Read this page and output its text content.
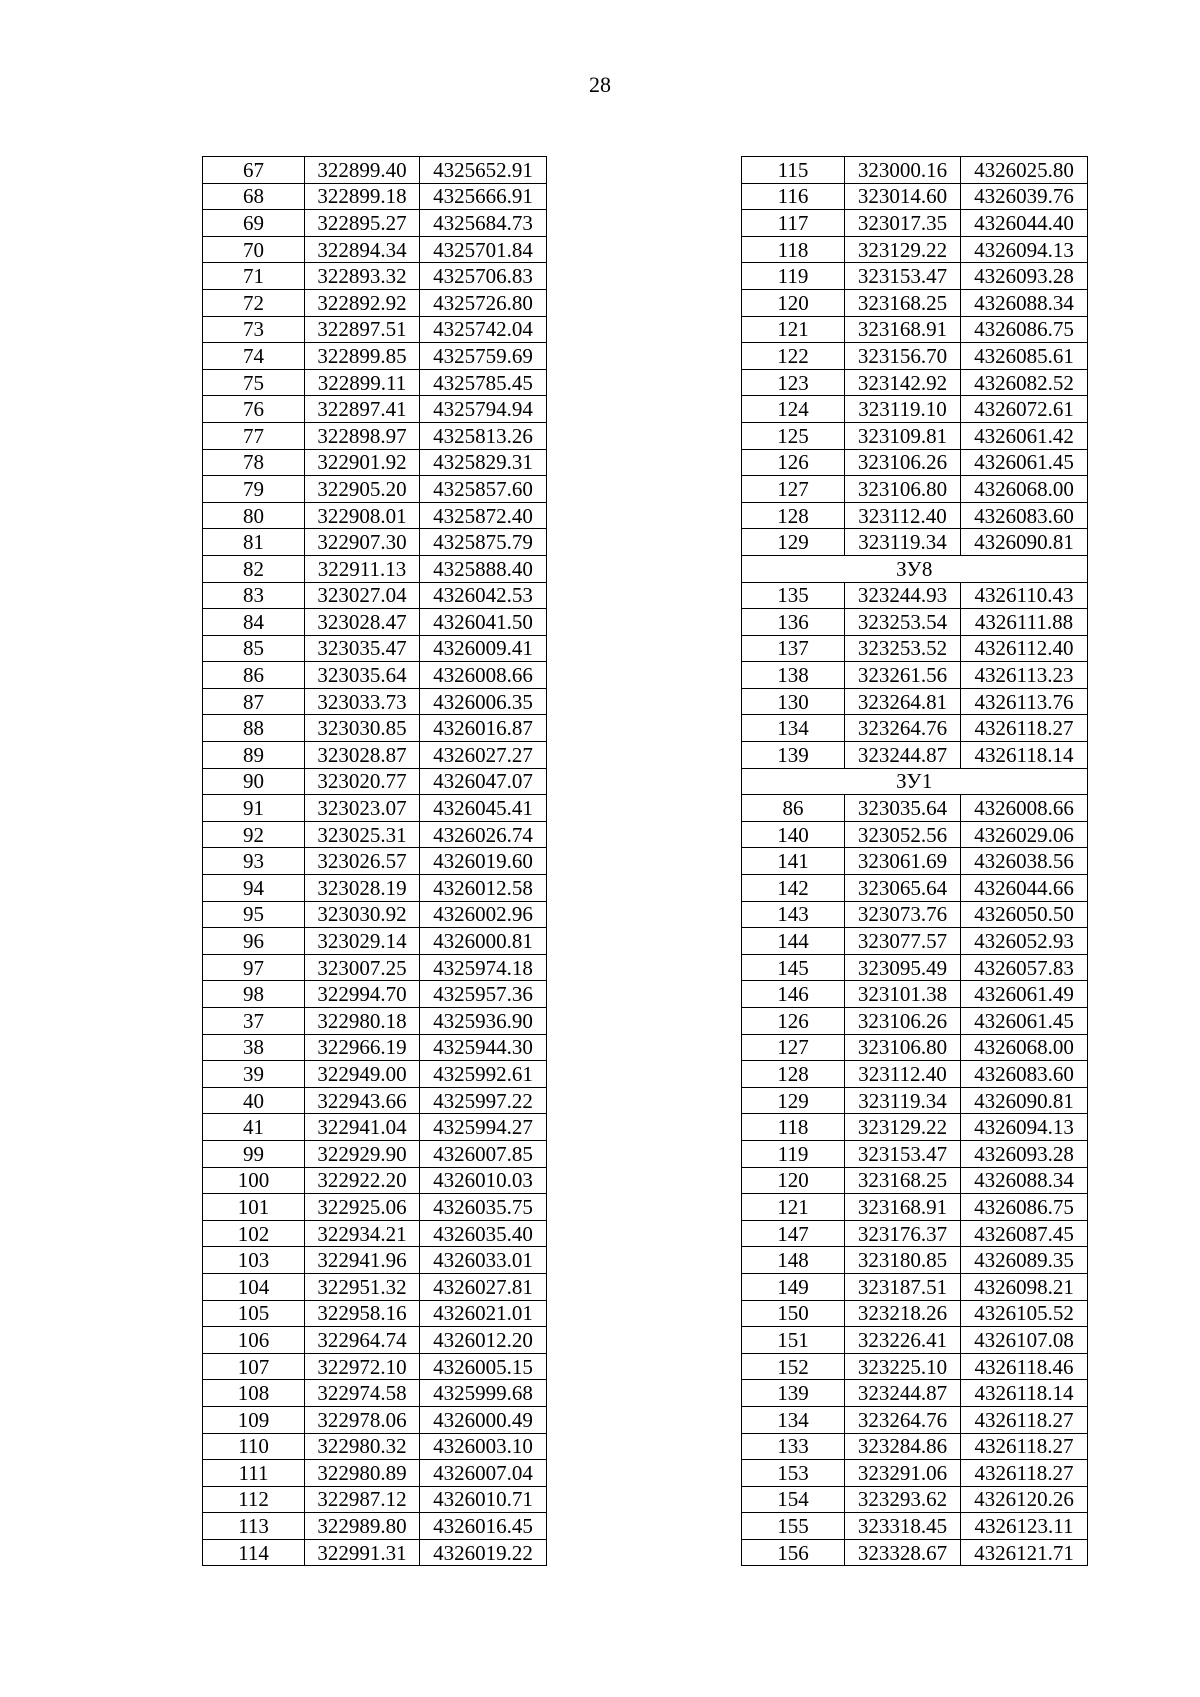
28
67	322899.40	4325652.91
68	322899.18	4325666.91
69	322895.27	4325684.73
70	322894.34	4325701.84
71	322893.32	4325706.83
72	322892.92	4325726.80
73	322897.51	4325742.04
74	322899.85	4325759.69
75	322899.11	4325785.45
76	322897.41	4325794.94
77	322898.97	4325813.26
78	322901.92	4325829.31
79	322905.20	4325857.60
80	322908.01	4325872.40
81	322907.30	4325875.79
82	322911.13	4325888.40
83	323027.04	4326042.53
84	323028.47	4326041.50
85	323035.47	4326009.41
86	323035.64	4326008.66
87	323033.73	4326006.35
88	323030.85	4326016.87
89	323028.87	4326027.27
90	323020.77	4326047.07
91	323023.07	4326045.41
92	323025.31	4326026.74
93	323026.57	4326019.60
94	323028.19	4326012.58
95	323030.92	4326002.96
96	323029.14	4326000.81
97	323007.25	4325974.18
98	322994.70	4325957.36
37	322980.18	4325936.90
38	322966.19	4325944.30
39	322949.00	4325992.61
40	322943.66	4325997.22
41	322941.04	4325994.27
99	322929.90	4326007.85
100	322922.20	4326010.03
101	322925.06	4326035.75
102	322934.21	4326035.40
103	322941.96	4326033.01
104	322951.32	4326027.81
105	322958.16	4326021.01
106	322964.74	4326012.20
107	322972.10	4326005.15
108	322974.58	4325999.68
109	322978.06	4326000.49
110	322980.32	4326003.10
111	322980.89	4326007.04
112	322987.12	4326010.71
113	322989.80	4326016.45
114	322991.31	4326019.22
115	323000.16	4326025.80
116	323014.60	4326039.76
117	323017.35	4326044.40
118	323129.22	4326094.13
119	323153.47	4326093.28
120	323168.25	4326088.34
121	323168.91	4326086.75
122	323156.70	4326085.61
123	323142.92	4326082.52
124	323119.10	4326072.61
125	323109.81	4326061.42
126	323106.26	4326061.45
127	323106.80	4326068.00
128	323112.40	4326083.60
129	323119.34	4326090.81
ЗУ8		
135	323244.93	4326110.43
136	323253.54	4326111.88
137	323253.52	4326112.40
138	323261.56	4326113.23
130	323264.81	4326113.76
134	323264.76	4326118.27
139	323244.87	4326118.14
ЗУ1		
86	323035.64	4326008.66
140	323052.56	4326029.06
141	323061.69	4326038.56
142	323065.64	4326044.66
143	323073.76	4326050.50
144	323077.57	4326052.93
145	323095.49	4326057.83
146	323101.38	4326061.49
126	323106.26	4326061.45
127	323106.80	4326068.00
128	323112.40	4326083.60
129	323119.34	4326090.81
118	323129.22	4326094.13
119	323153.47	4326093.28
120	323168.25	4326088.34
121	323168.91	4326086.75
147	323176.37	4326087.45
148	323180.85	4326089.35
149	323187.51	4326098.21
150	323218.26	4326105.52
151	323226.41	4326107.08
152	323225.10	4326118.46
139	323244.87	4326118.14
134	323264.76	4326118.27
133	323284.86	4326118.27
153	323291.06	4326118.27
154	323293.62	4326120.26
155	323318.45	4326123.11
156	323328.67	4326121.71
